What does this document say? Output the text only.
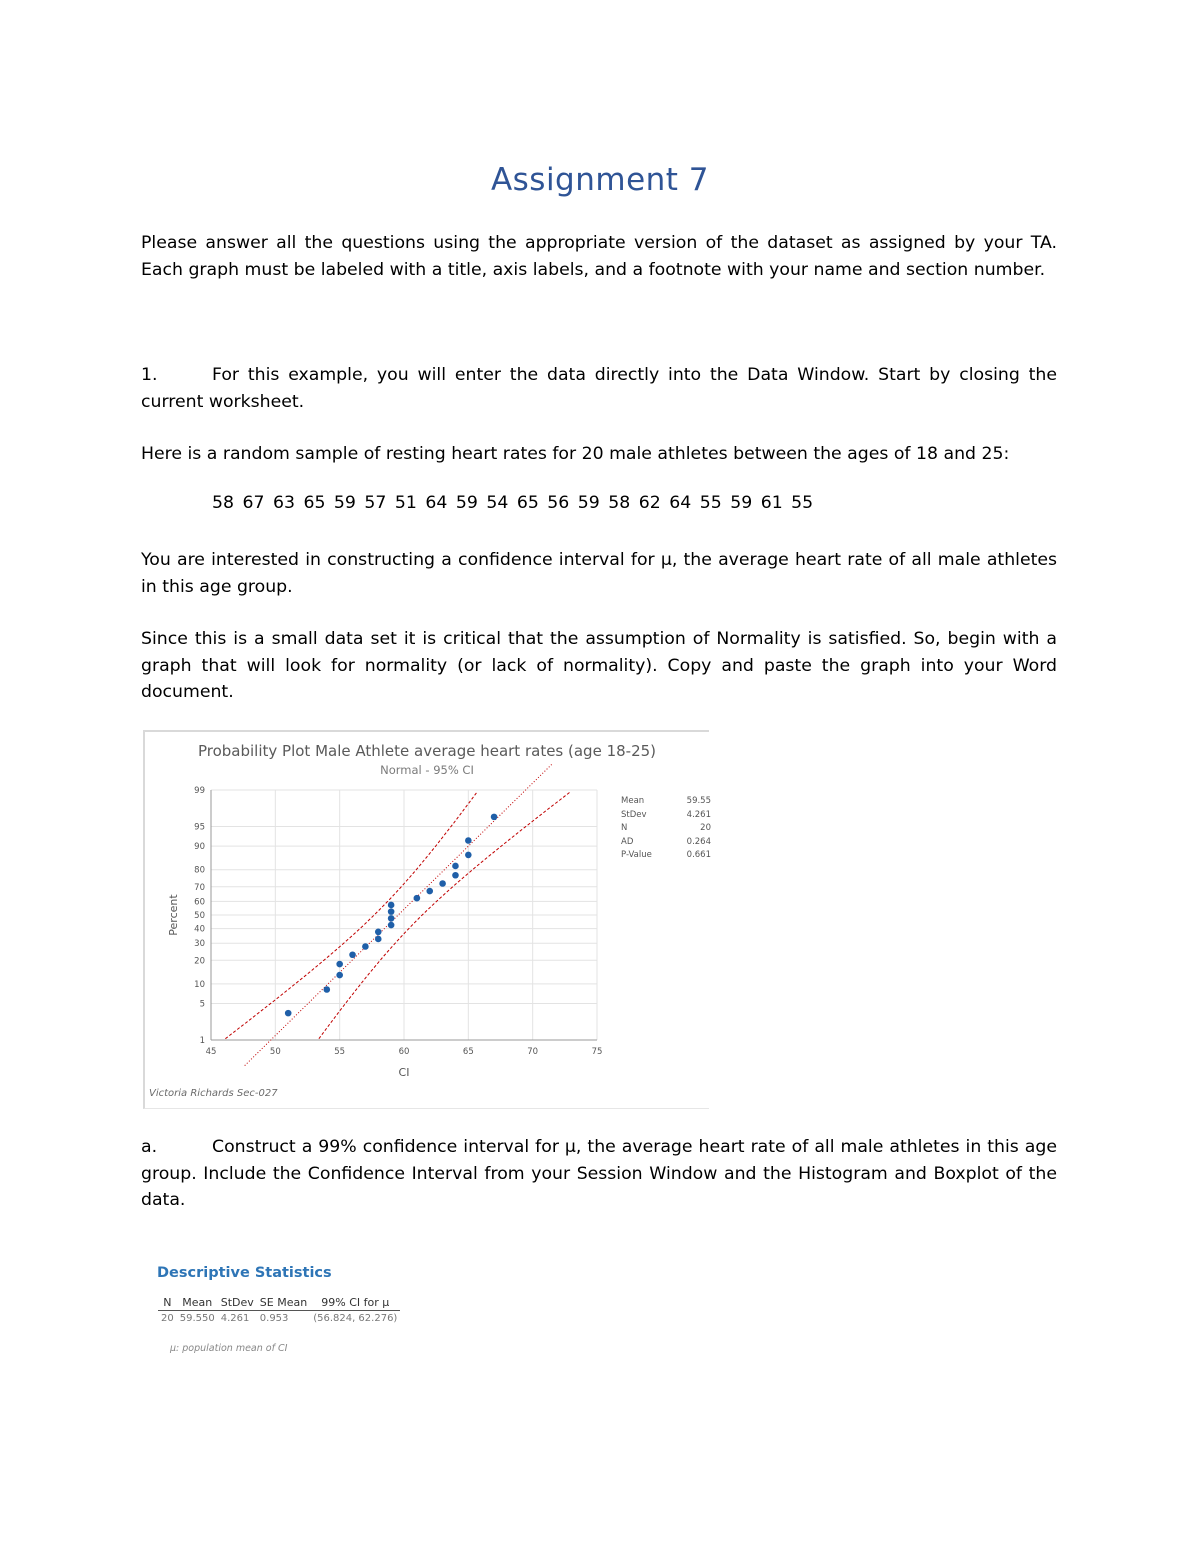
Assignment 7
Please answer all the questions using the appropriate version of the dataset as assigned by your TA. Each graph must be labeled with a title, axis labels, and a footnote with your name and section number.
1.	For this example, you will enter the data directly into the Data Window. Start by closing the current worksheet.
Here is a random sample of resting heart rates for 20 male athletes between the ages of 18 and 25:
58 67 63 65 59 57 51 64 59 54 65 56 59 58 62 64 55 59 61 55
You are interested in constructing a confidence interval for μ, the average heart rate of all male athletes in this age group.
Since this is a small data set it is critical that the assumption of Normality is satisfied. So, begin with a graph that will look for normality (or lack of normality). Copy and paste the graph into your Word document.
Probability Plot Male Athlete average heart rates (age 18-25)
Normal - 95% CI
45	50	55	60	65	70	75
1
5
10
20
30
40
50
60
70
80
90
95
99
CI
Percent
Mean	59.55
StDev	4.261
N	20
AD	0.264
P-Value	0.661
Victoria Richards Sec-027
a.	Construct a 99% confidence interval for μ, the average heart rate of all male athletes in this age group. Include the Confidence Interval from your Session Window and the Histogram and Boxplot of the data.
Descriptive Statistics
N	Mean	StDev	SE Mean	99% CI for μ
20	59.550	4.261	0.953	(56.824, 62.276)
μ: population mean of CI
